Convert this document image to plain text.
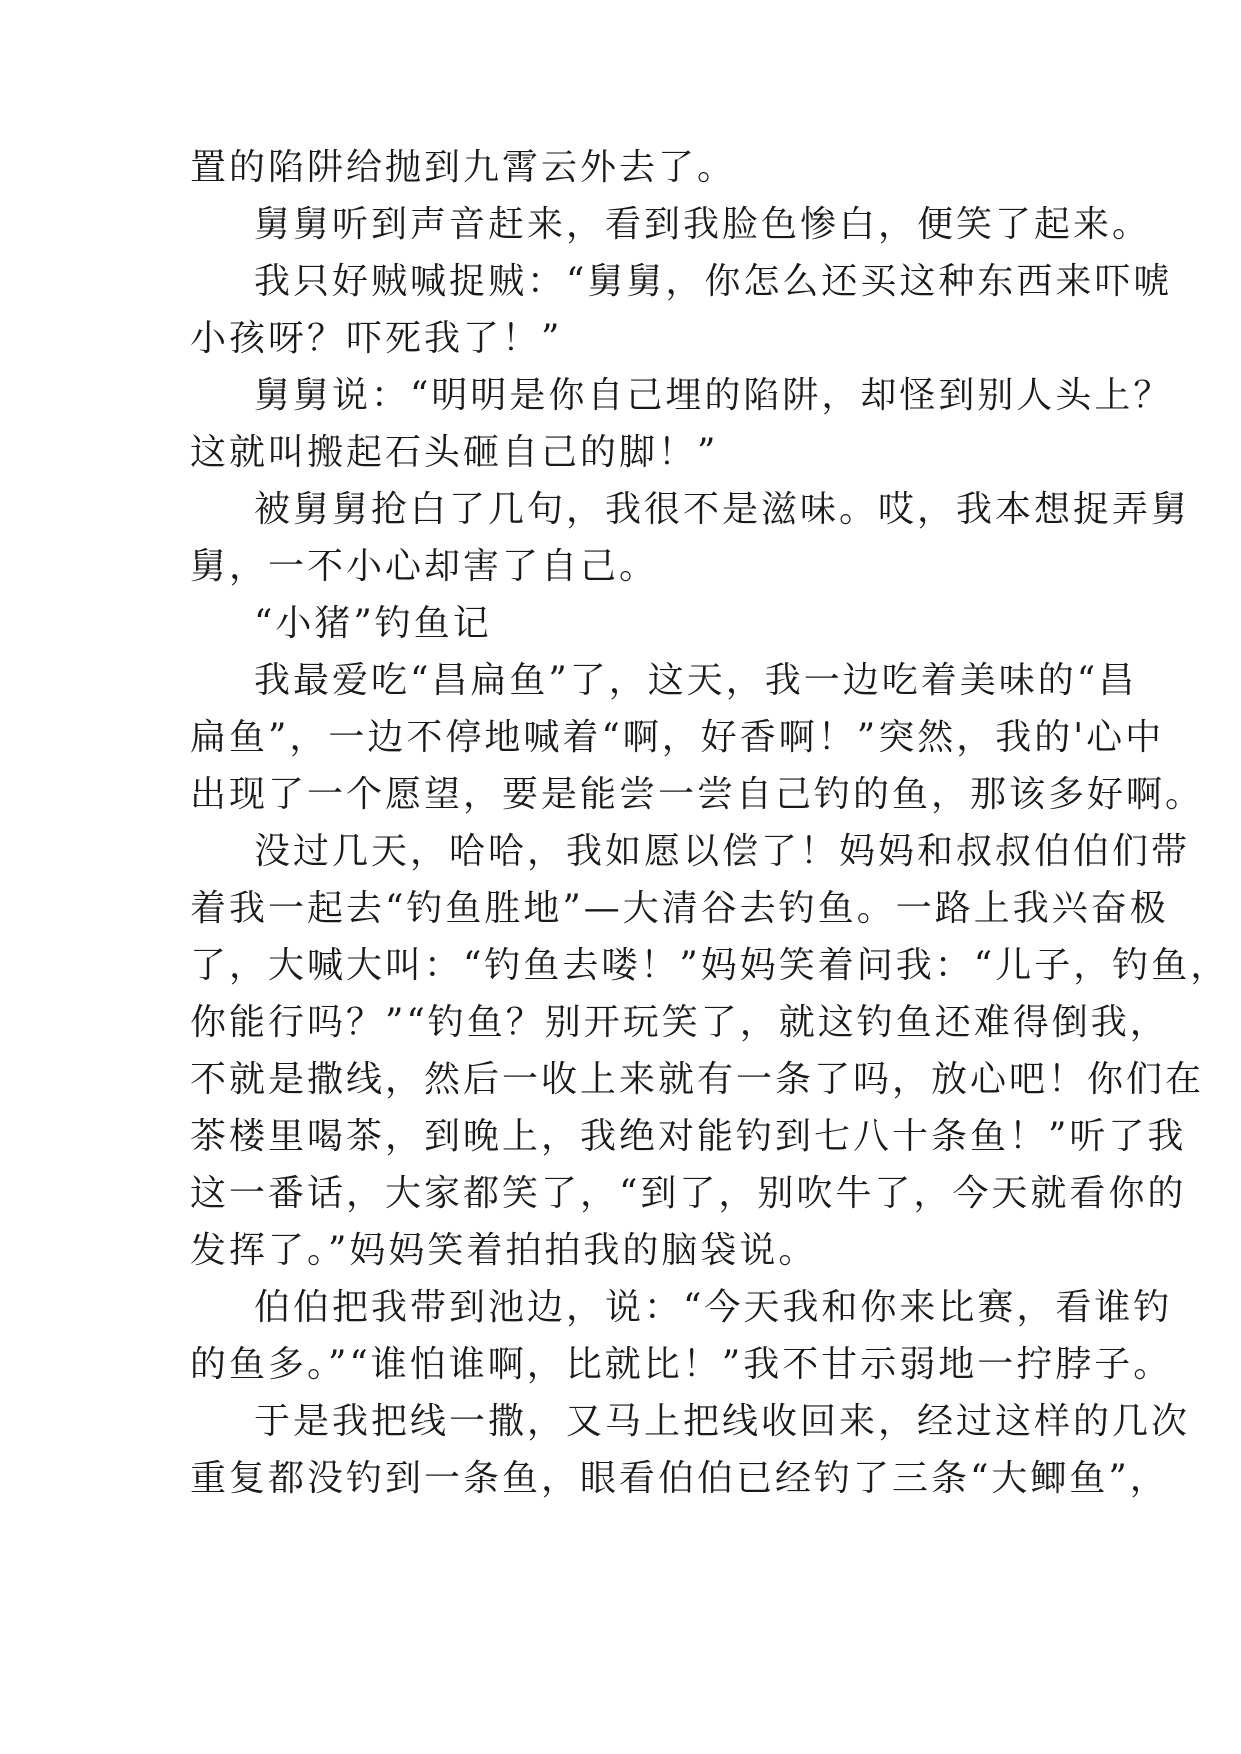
置的陷阱给抛到九霄云外去了。
舅舅听到声音赶来，看到我脸色惨白，便笑了起来。
我只好贼喊捉贼：“舅舅，你怎么还买这种东西来吓唬
小孩呀？吓死我了！”
舅舅说：“明明是你自己埋的陷阱，却怪到别人头上？
这就叫搬起石头砸自己的脚！”
被舅舅抢白了几句，我很不是滋味。哎，我本想捉弄舅
舅，一不小心却害了自己。
“小猪”钓鱼记
我最爱吃“昌扁鱼”了，这天，我一边吃着美味的“昌
扁鱼”，一边不停地喊着“啊，好香啊！”突然，我的'心中
出现了一个愿望，要是能尝一尝自己钓的鱼，那该多好啊。
没过几天，哈哈，我如愿以偿了！妈妈和叔叔伯伯们带
着我一起去“钓鱼胜地”—大清谷去钓鱼。一路上我兴奋极
了，大喊大叫：“钓鱼去喽！”妈妈笑着问我：“儿子，钓鱼，
你能行吗？”“钓鱼？别开玩笑了，就这钓鱼还难得倒我，
不就是撒线，然后一收上来就有一条了吗，放心吧！你们在
茶楼里喝茶，到晚上，我绝对能钓到七八十条鱼！”听了我
这一番话，大家都笑了，“到了，别吹牛了，今天就看你的
发挥了。”妈妈笑着拍拍我的脑袋说。
伯伯把我带到池边，说：“今天我和你来比赛，看谁钓
的鱼多。”“谁怕谁啊，比就比！”我不甘示弱地一拧脖子。
于是我把线一撒，又马上把线收回来，经过这样的几次
重复都没钓到一条鱼，眼看伯伯已经钓了三条“大鲫鱼”，
